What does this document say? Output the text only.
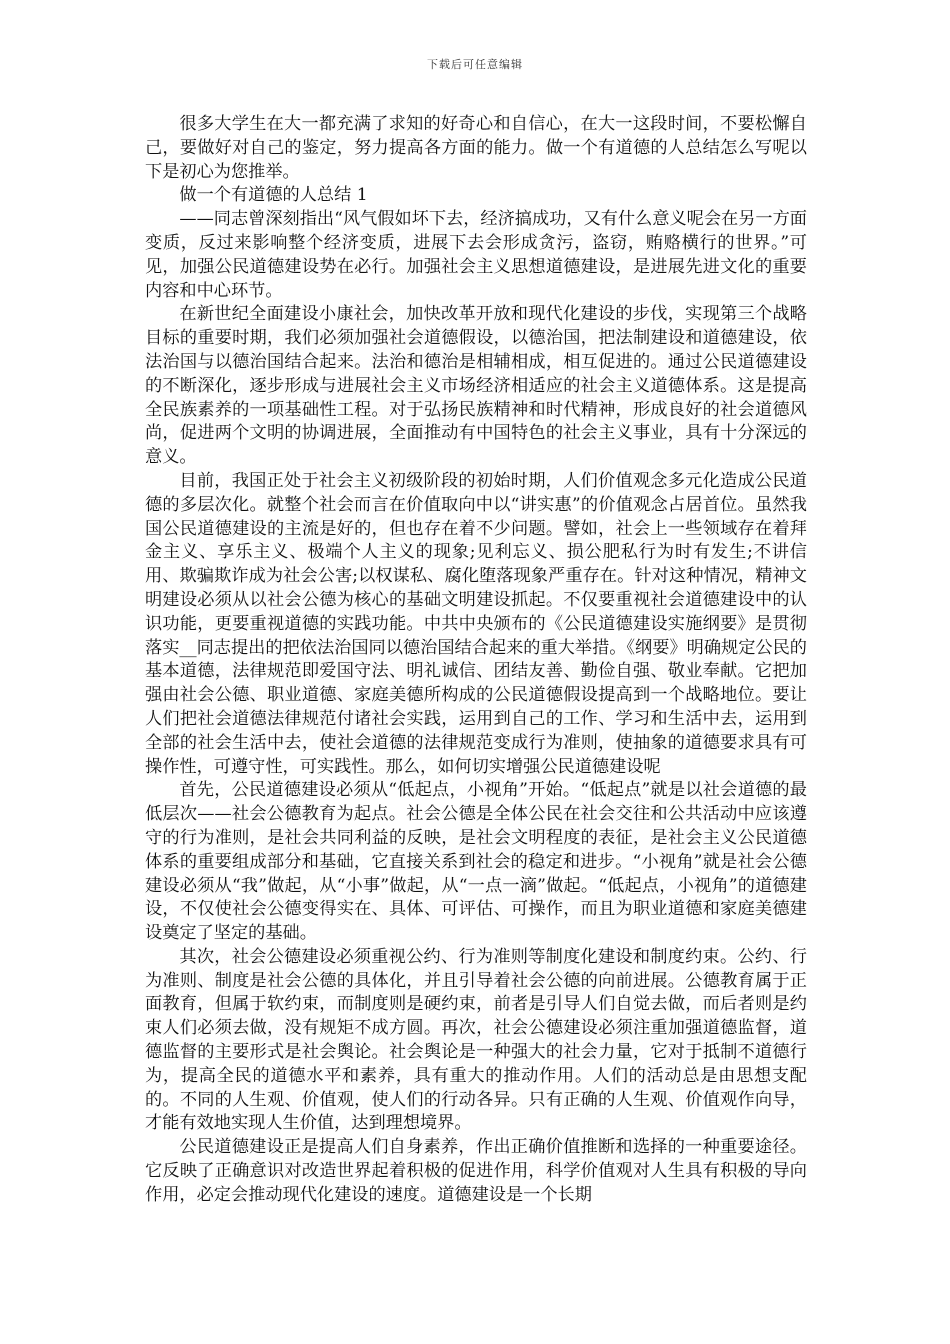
下载后可任意编辑

很多大学生在大一都充满了求知的好奇心和自信心，在大一这段时间，不要松懈自己，要做好对自己的鉴定，努力提高各方面的能力。做一个有道德的人总结怎么写呢以下是初心为您推举。

做一个有道德的人总结 1

——同志曾深刻指出“风气假如坏下去，经济搞成功，又有什么意义呢会在另一方面变质，反过来影响整个经济变质，进展下去会形成贪污，盗窃，贿赂横行的世界。”可见，加强公民道德建设势在必行。加强社会主义思想道德建设，是进展先进文化的重要内容和中心环节。

在新世纪全面建设小康社会，加快改革开放和现代化建设的步伐，实现第三个战略目标的重要时期，我们必须加强社会道德假设，以德治国，把法制建设和道德建设，依法治国与以德治国结合起来。法治和德治是相辅相成，相互促进的。通过公民道德建设的不断深化，逐步形成与进展社会主义市场经济相适应的社会主义道德体系。这是提高全民族素养的一项基础性工程。对于弘扬民族精神和时代精神，形成良好的社会道德风尚，促进两个文明的协调进展，全面推动有中国特色的社会主义事业，具有十分深远的意义。

目前，我国正处于社会主义初级阶段的初始时期，人们价值观念多元化造成公民道德的多层次化。就整个社会而言在价值取向中以“讲实惠”的价值观念占居首位。虽然我国公民道德建设的主流是好的，但也存在着不少问题。譬如，社会上一些领域存在着拜金主义、享乐主义、极端个人主义的现象;见利忘义、损公肥私行为时有发生;不讲信用、欺骗欺诈成为社会公害;以权谋私、腐化堕落现象严重存在。针对这种情况，精神文明建设必须从以社会公德为核心的基础文明建设抓起。不仅要重视社会道德建设中的认识功能，更要重视道德的实践功能。中共中央颁布的《公民道德建设实施纲要》是贯彻落实__同志提出的把依法治国同以德治国结合起来的重大举措。《纲要》明确规定公民的基本道德，法律规范即爱国守法、明礼诚信、团结友善、勤俭自强、敬业奉献。它把加强由社会公德、职业道德、家庭美德所构成的公民道德假设提高到一个战略地位。要让人们把社会道德法律规范付诸社会实践，运用到自己的工作、学习和生活中去，运用到全部的社会生活中去，使社会道德的法律规范变成行为准则，使抽象的道德要求具有可操作性，可遵守性，可实践性。那么，如何切实增强公民道德建设呢

首先，公民道德建设必须从“低起点，小视角”开始。“低起点”就是以社会道德的最低层次——社会公德教育为起点。社会公德是全体公民在社会交往和公共活动中应该遵守的行为准则，是社会共同利益的反映，是社会文明程度的表征，是社会主义公民道德体系的重要组成部分和基础，它直接关系到社会的稳定和进步。“小视角”就是社会公德建设必须从“我”做起，从“小事”做起，从“一点一滴”做起。“低起点，小视角”的道德建设，不仅使社会公德变得实在、具体、可评估、可操作，而且为职业道德和家庭美德建设奠定了坚定的基础。

其次，社会公德建设必须重视公约、行为准则等制度化建设和制度约束。公约、行为准则、制度是社会公德的具体化，并且引导着社会公德的向前进展。公德教育属于正面教育，但属于软约束，而制度则是硬约束，前者是引导人们自觉去做，而后者则是约束人们必须去做，没有规矩不成方圆。再次，社会公德建设必须注重加强道德监督，道德监督的主要形式是社会舆论。社会舆论是一种强大的社会力量，它对于抵制不道德行为，提高全民的道德水平和素养，具有重大的推动作用。人们的活动总是由思想支配的。不同的人生观、价值观，使人们的行动各异。只有正确的人生观、价值观作向导，才能有效地实现人生价值，达到理想境界。

公民道德建设正是提高人们自身素养，作出正确价值推断和选择的一种重要途径。它反映了正确意识对改造世界起着积极的促进作用，科学价值观对人生具有积极的导向作用，必定会推动现代化建设的速度。道德建设是一个长期
